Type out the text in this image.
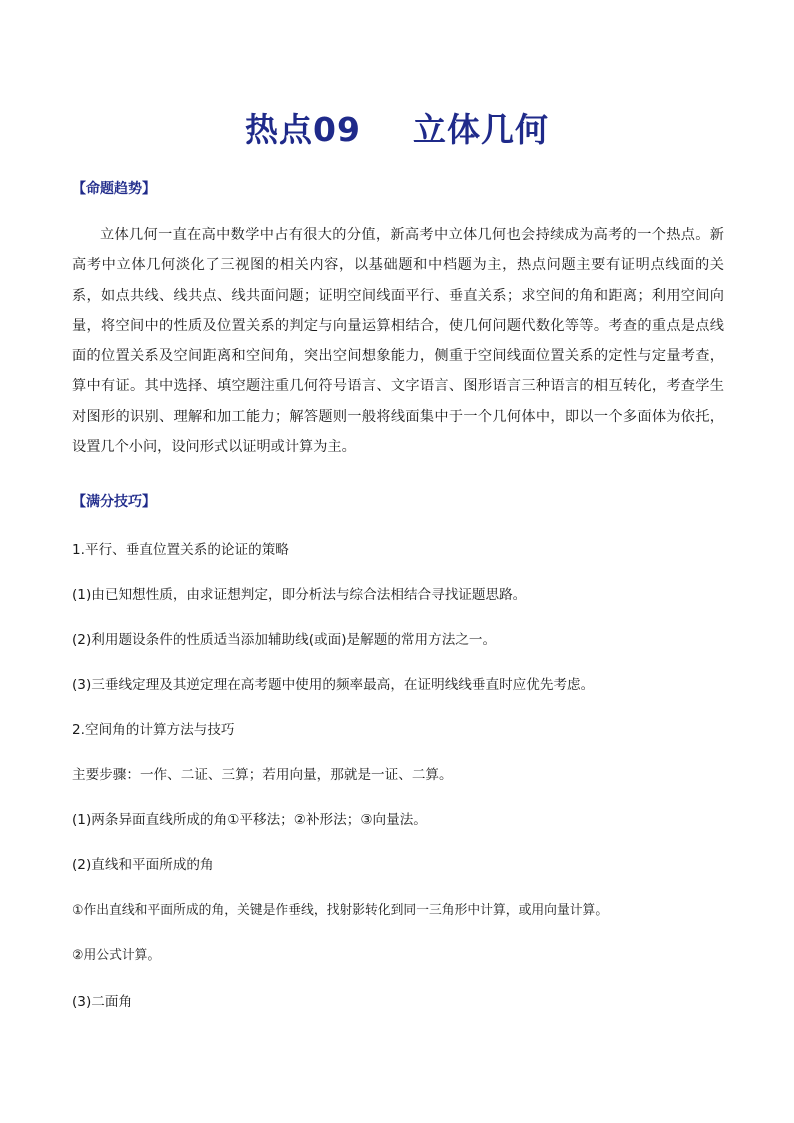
热点09 立体几何
【命题趋势】
立体几何一直在高中数学中占有很大的分值，新高考中立体几何也会持续成为高考的一个热点。新高考中立体几何淡化了三视图的相关内容，以基础题和中档题为主，热点问题主要有证明点线面的关系，如点共线、线共点、线共面问题；证明空间线面平行、垂直关系；求空间的角和距离；利用空间向量，将空间中的性质及位置关系的判定与向量运算相结合，使几何问题代数化等等。考查的重点是点线面的位置关系及空间距离和空间角，突出空间想象能力，侧重于空间线面位置关系的定性与定量考查，算中有证。其中选择、填空题注重几何符号语言、文字语言、图形语言三种语言的相互转化，考查学生对图形的识别、理解和加工能力；解答题则一般将线面集中于一个几何体中，即以一个多面体为依托，设置几个小问，设问形式以证明或计算为主。
【满分技巧】
1.平行、垂直位置关系的论证的策略
(1)由已知想性质，由求证想判定，即分析法与综合法相结合寻找证题思路。
(2)利用题设条件的性质适当添加辅助线(或面)是解题的常用方法之一。
(3)三垂线定理及其逆定理在高考题中使用的频率最高，在证明线线垂直时应优先考虑。
2.空间角的计算方法与技巧
主要步骤：一作、二证、三算；若用向量，那就是一证、二算。
(1)两条异面直线所成的角①平移法；②补形法；③向量法。
(2)直线和平面所成的角
①作出直线和平面所成的角，关键是作垂线，找射影转化到同一三角形中计算，或用向量计算。
②用公式计算。
(3)二面角
